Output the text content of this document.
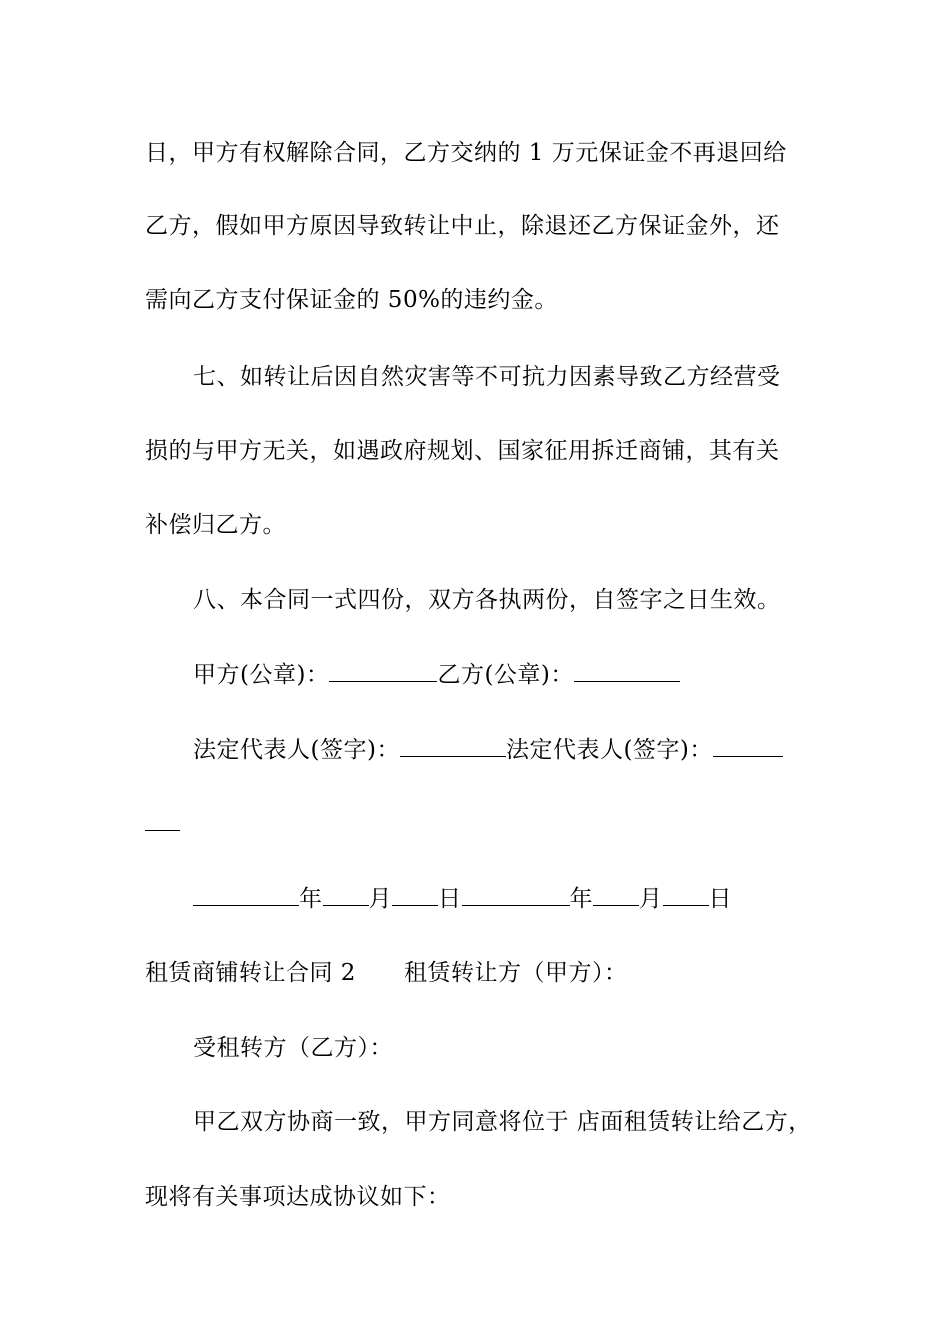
日，甲方有权解除合同，乙方交纳的 1 万元保证金不再退回给
乙方，假如甲方原因导致转让中止，除退还乙方保证金外，还
需向乙方支付保证金的 50%的违约金。
七、如转让后因自然灾害等不可抗力因素导致乙方经营受
损的与甲方无关，如遇政府规划、国家征用拆迁商铺，其有关
补偿归乙方。
八、本合同一式四份，双方各执两份，自签字之日生效。
甲方(公章)：	乙方(公章)：
法定代表人(签字)：	法定代表人(签字)：
年 月 日	年 月 日
租赁商铺转让合同 2 租赁转让方（甲方）：
受租转方（乙方）：
甲乙双方协商一致，甲方同意将位于 店面租赁转让给乙方，
现将有关事项达成协议如下：
